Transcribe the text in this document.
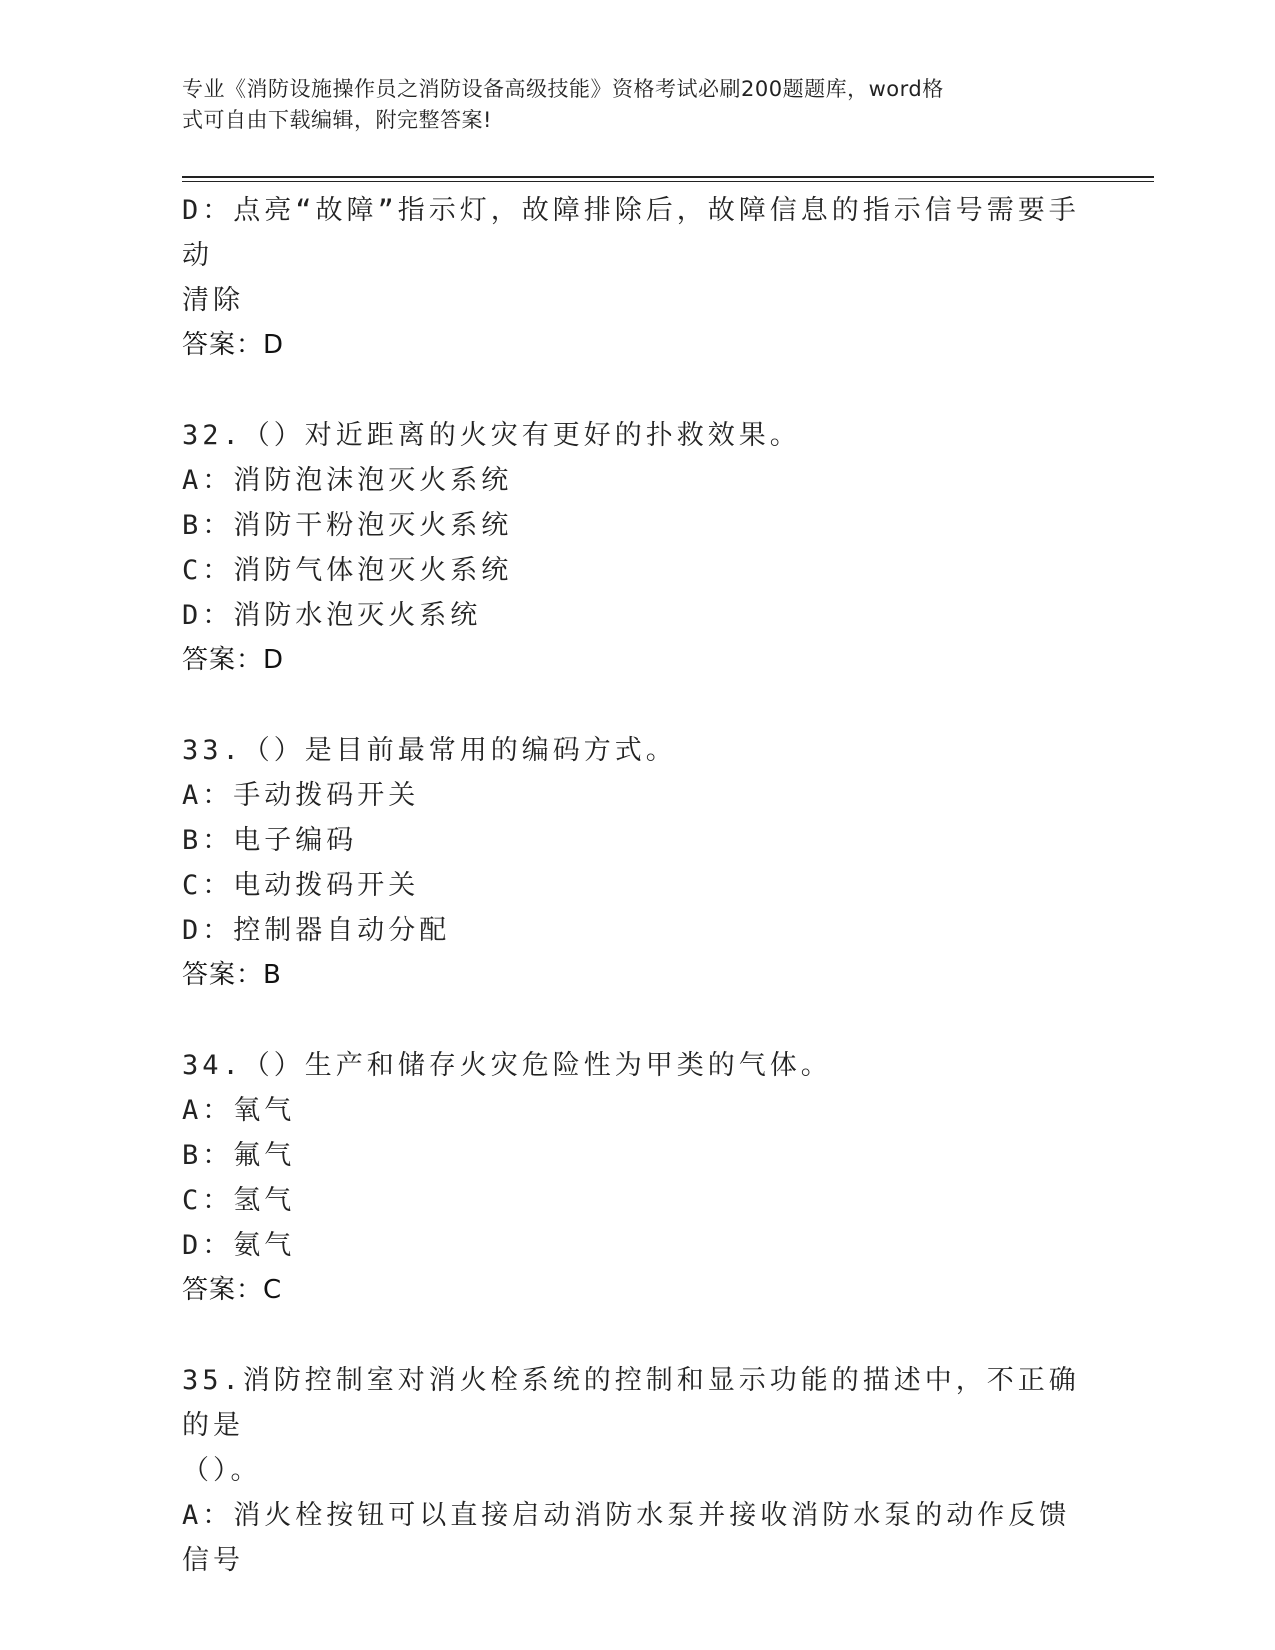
专业《消防设施操作员之消防设备高级技能》资格考试必刷200题题库，word格
式可自由下载编辑，附完整答案!

D：点亮“故障”指示灯，故障排除后，故障信息的指示信号需要手动

清除

答案：D

32.（）对近距离的火灾有更好的扑救效果。

A：消防泡沫泡灭火系统

B：消防干粉泡灭火系统

C：消防气体泡灭火系统

D：消防水泡灭火系统

答案：D

33.（）是目前最常用的编码方式。

A：手动拨码开关

B：电子编码

C：电动拨码开关

D：控制器自动分配

答案：B

34.（）生产和储存火灾危险性为甲类的气体。

A：氧气

B：氟气

C：氢气

D：氨气

答案：C

35.消防控制室对消火栓系统的控制和显示功能的描述中，不正确的是

（）。

A：消火栓按钮可以直接启动消防水泵并接收消防水泵的动作反馈信号
